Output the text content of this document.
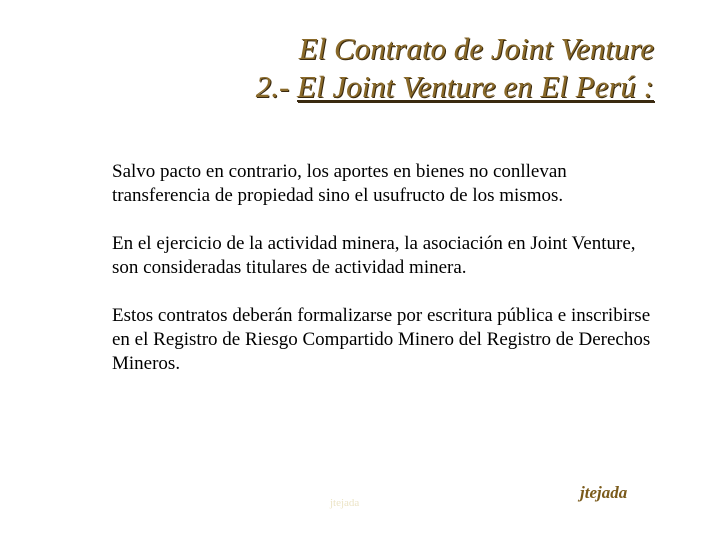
El Contrato de Joint Venture
2.- El Joint Venture en El Perú :

Salvo pacto en contrario, los aportes en bienes no conllevan transferencia de propiedad sino el usufructo de los mismos.

En el ejercicio de la actividad minera, la asociación en Joint Venture, son consideradas titulares de actividad minera.

Estos contratos deberán formalizarse por escritura pública e inscribirse en el Registro de Riesgo Compartido Minero del Registro de Derechos Mineros.

jtejada
jtejada
